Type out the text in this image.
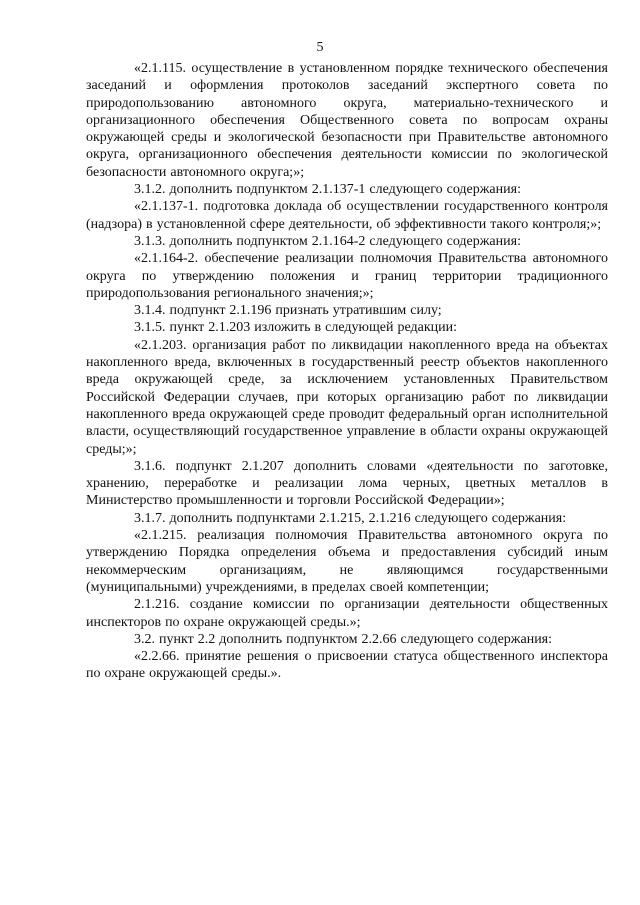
5

«2.1.115. осуществление в установленном порядке технического обеспечения заседаний и оформления протоколов заседаний экспертного совета по природопользованию автономного округа, материально-технического и организационного обеспечения Общественного совета по вопросам охраны окружающей среды и экологической безопасности при Правительстве автономного округа, организационного обеспечения деятельности комиссии по экологической безопасности автономного округа;»;

3.1.2. дополнить подпунктом 2.1.137-1 следующего содержания:

«2.1.137-1. подготовка доклада об осуществлении государственного контроля (надзора) в установленной сфере деятельности, об эффективности такого контроля;»;

3.1.3. дополнить подпунктом 2.1.164-2 следующего содержания:

«2.1.164-2. обеспечение реализации полномочия Правительства автономного округа по утверждению положения и границ территории традиционного природопользования регионального значения;»;

3.1.4. подпункт 2.1.196 признать утратившим силу;

3.1.5. пункт 2.1.203 изложить в следующей редакции:

«2.1.203. организация работ по ликвидации накопленного вреда на объектах накопленного вреда, включенных в государственный реестр объектов накопленного вреда окружающей среде, за исключением установленных Правительством Российской Федерации случаев, при которых организацию работ по ликвидации накопленного вреда окружающей среде проводит федеральный орган исполнительной власти, осуществляющий государственное управление в области охраны окружающей среды;»;

3.1.6. подпункт 2.1.207 дополнить словами «деятельности по заготовке, хранению, переработке и реализации лома черных, цветных металлов в Министерство промышленности и торговли Российской Федерации»;

3.1.7. дополнить подпунктами 2.1.215, 2.1.216 следующего содержания:

«2.1.215. реализация полномочия Правительства автономного округа по утверждению Порядка определения объема и предоставления субсидий иным некоммерческим организациям, не являющимся государственными (муниципальными) учреждениями, в пределах своей компетенции;

2.1.216. создание комиссии по организации деятельности общественных инспекторов по охране окружающей среды.»;

3.2. пункт 2.2 дополнить подпунктом 2.2.66 следующего содержания:

«2.2.66. принятие решения о присвоении статуса общественного инспектора по охране окружающей среды.».
